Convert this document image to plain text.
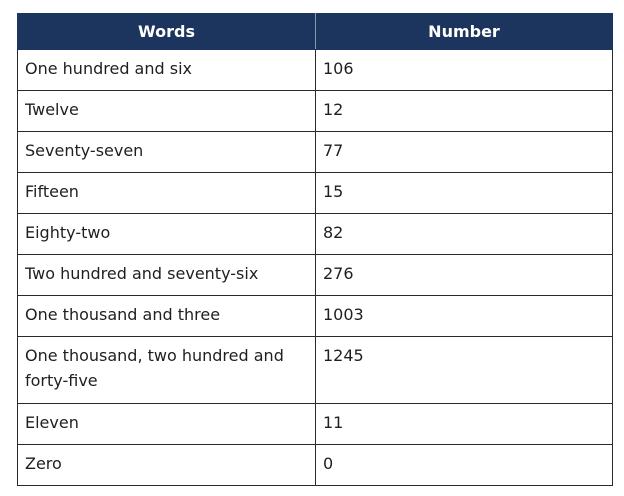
Words	Number
One hundred and six	106
Twelve	12
Seventy-seven	77
Fifteen	15
Eighty-two	82
Two hundred and seventy-six	276
One thousand and three	1003
One thousand, two hundred and forty-five	1245
Eleven	11
Zero	0
